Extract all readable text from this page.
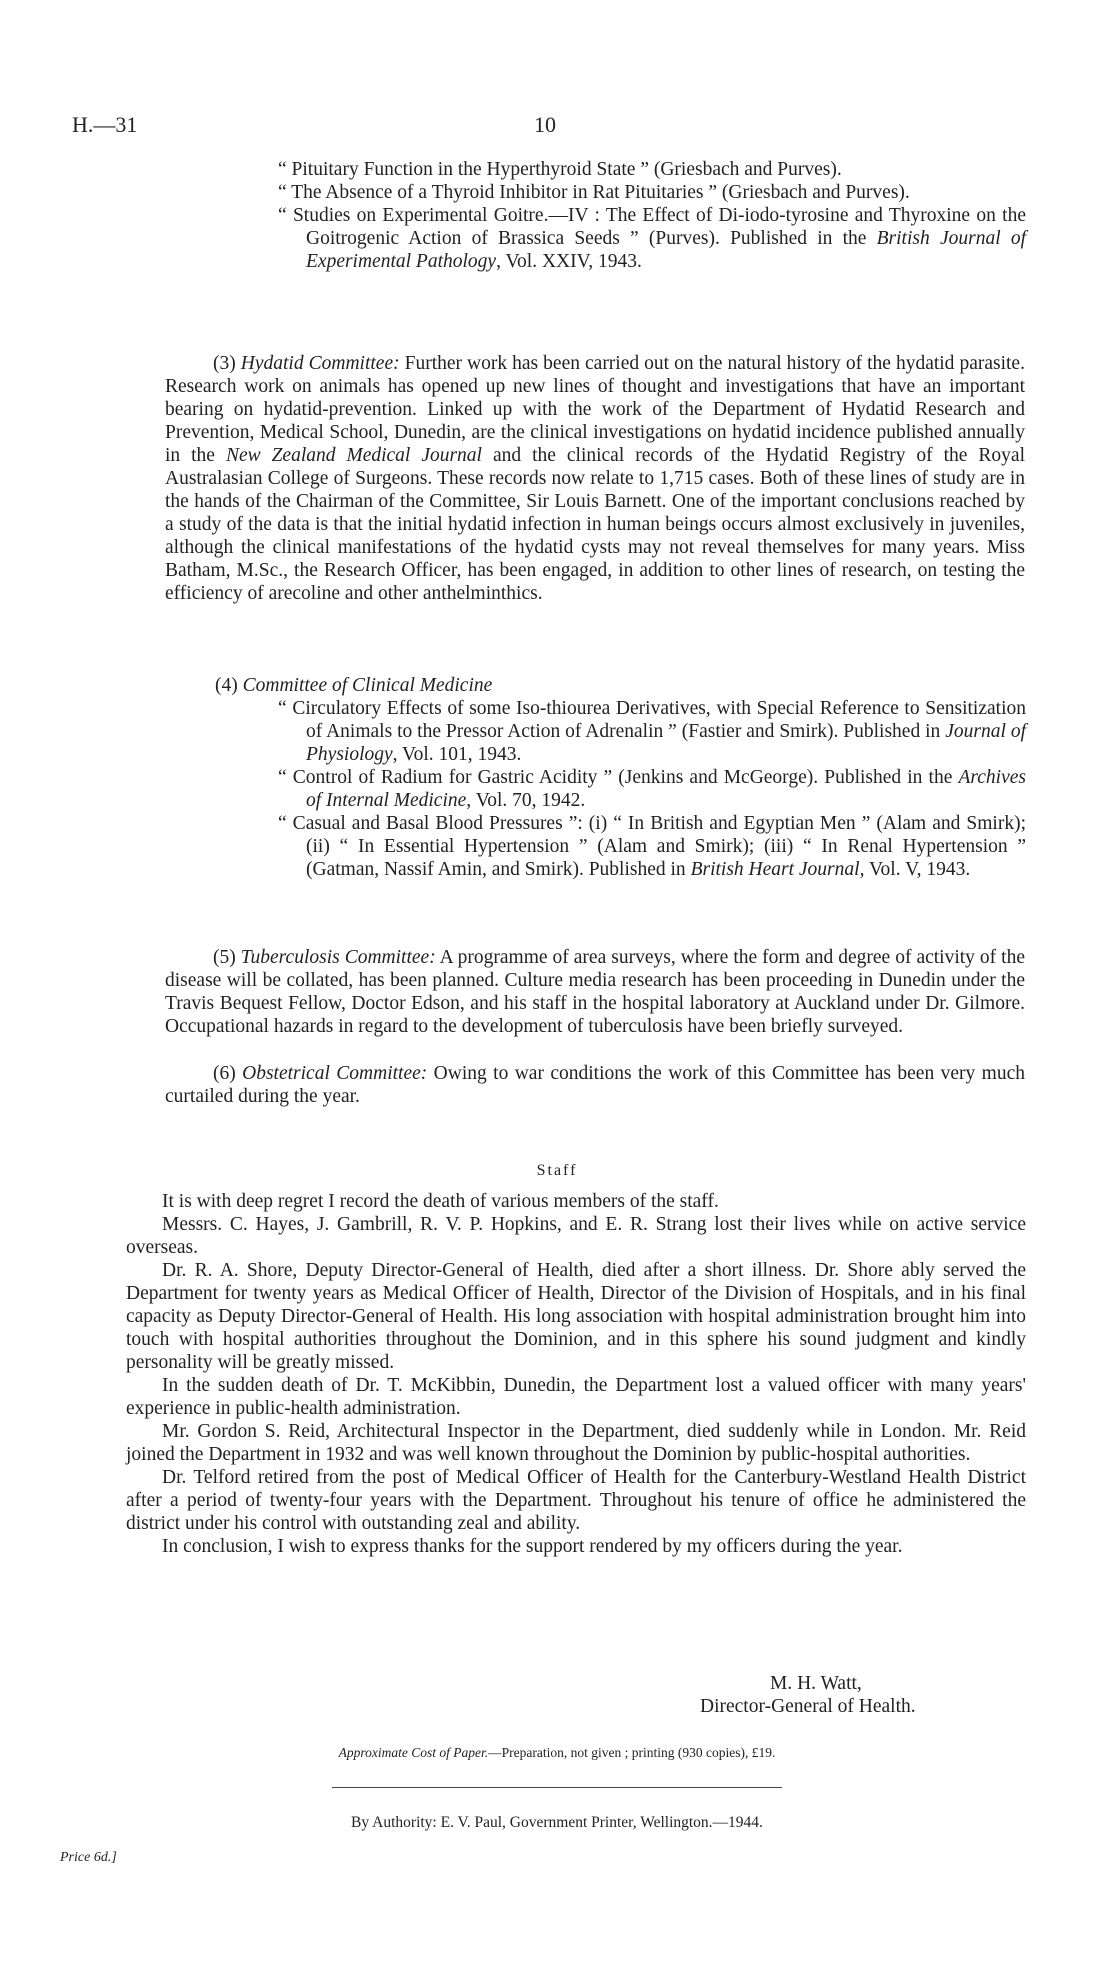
H.—31	10
“ Pituitary Function in the Hyperthyroid State ” (Griesbach and Purves).
“ The Absence of a Thyroid Inhibitor in Rat Pituitaries ” (Griesbach and Purves).
“ Studies on Experimental Goitre.—IV : The Effect of Di-iodo-tyrosine and Thyroxine on the Goitrogenic Action of Brassica Seeds ” (Purves). Published in the British Journal of Experimental Pathology, Vol. XXIV, 1943.

(3) Hydatid Committee: Further work has been carried out on the natural history of the hydatid parasite. Research work on animals has opened up new lines of thought and investigations that have an important bearing on hydatid-prevention. Linked up with the work of the Department of Hydatid Research and Prevention, Medical School, Dunedin, are the clinical investigations on hydatid incidence published annually in the New Zealand Medical Journal and the clinical records of the Hydatid Registry of the Royal Australasian College of Surgeons. These records now relate to 1,715 cases. Both of these lines of study are in the hands of the Chairman of the Committee, Sir Louis Barnett. One of the important conclusions reached by a study of the data is that the initial hydatid infection in human beings occurs almost exclusively in juveniles, although the clinical manifestations of the hydatid cysts may not reveal themselves for many years. Miss Batham, M.Sc., the Research Officer, has been engaged, in addition to other lines of research, on testing the efficiency of arecoline and other anthelminthics.

(4) Committee of Clinical Medicine

“ Circulatory Effects of some Iso-thiourea Derivatives, with Special Reference to Sensitization of Animals to the Pressor Action of Adrenalin ” (Fastier and Smirk). Published in Journal of Physiology, Vol. 101, 1943.
“ Control of Radium for Gastric Acidity ” (Jenkins and McGeorge). Published in the Archives of Internal Medicine, Vol. 70, 1942.
“ Casual and Basal Blood Pressures ”: (i) “ In British and Egyptian Men ” (Alam and Smirk); (ii) “ In Essential Hypertension ” (Alam and Smirk); (iii) “ In Renal Hypertension ” (Gatman, Nassif Amin, and Smirk). Published in British Heart Journal, Vol. V, 1943.

(5) Tuberculosis Committee: A programme of area surveys, where the form and degree of activity of the disease will be collated, has been planned. Culture media research has been proceeding in Dunedin under the Travis Bequest Fellow, Doctor Edson, and his staff in the hospital laboratory at Auckland under Dr. Gilmore. Occupational hazards in regard to the development of tuberculosis have been briefly surveyed.

(6) Obstetrical Committee: Owing to war conditions the work of this Committee has been very much curtailed during the year.

Staff

It is with deep regret I record the death of various members of the staff.

Messrs. C. Hayes, J. Gambrill, R. V. P. Hopkins, and E. R. Strang lost their lives while on active service overseas.

Dr. R. A. Shore, Deputy Director-General of Health, died after a short illness. Dr. Shore ably served the Department for twenty years as Medical Officer of Health, Director of the Division of Hospitals, and in his final capacity as Deputy Director-General of Health. His long association with hospital administration brought him into touch with hospital authorities throughout the Dominion, and in this sphere his sound judgment and kindly personality will be greatly missed.

In the sudden death of Dr. T. McKibbin, Dunedin, the Department lost a valued officer with many years' experience in public-health administration.

Mr. Gordon S. Reid, Architectural Inspector in the Department, died suddenly while in London. Mr. Reid joined the Department in 1932 and was well known throughout the Dominion by public-hospital authorities.

Dr. Telford retired from the post of Medical Officer of Health for the Canterbury-Westland Health District after a period of twenty-four years with the Department. Throughout his tenure of office he administered the district under his control with outstanding zeal and ability.

In conclusion, I wish to express thanks for the support rendered by my officers during the year.

M. H. Watt,
Director-General of Health.
Approximate Cost of Paper.—Preparation, not given ; printing (930 copies), £19.
By Authority: E. V. Paul, Government Printer, Wellington.—1944.
Price 6d.]
